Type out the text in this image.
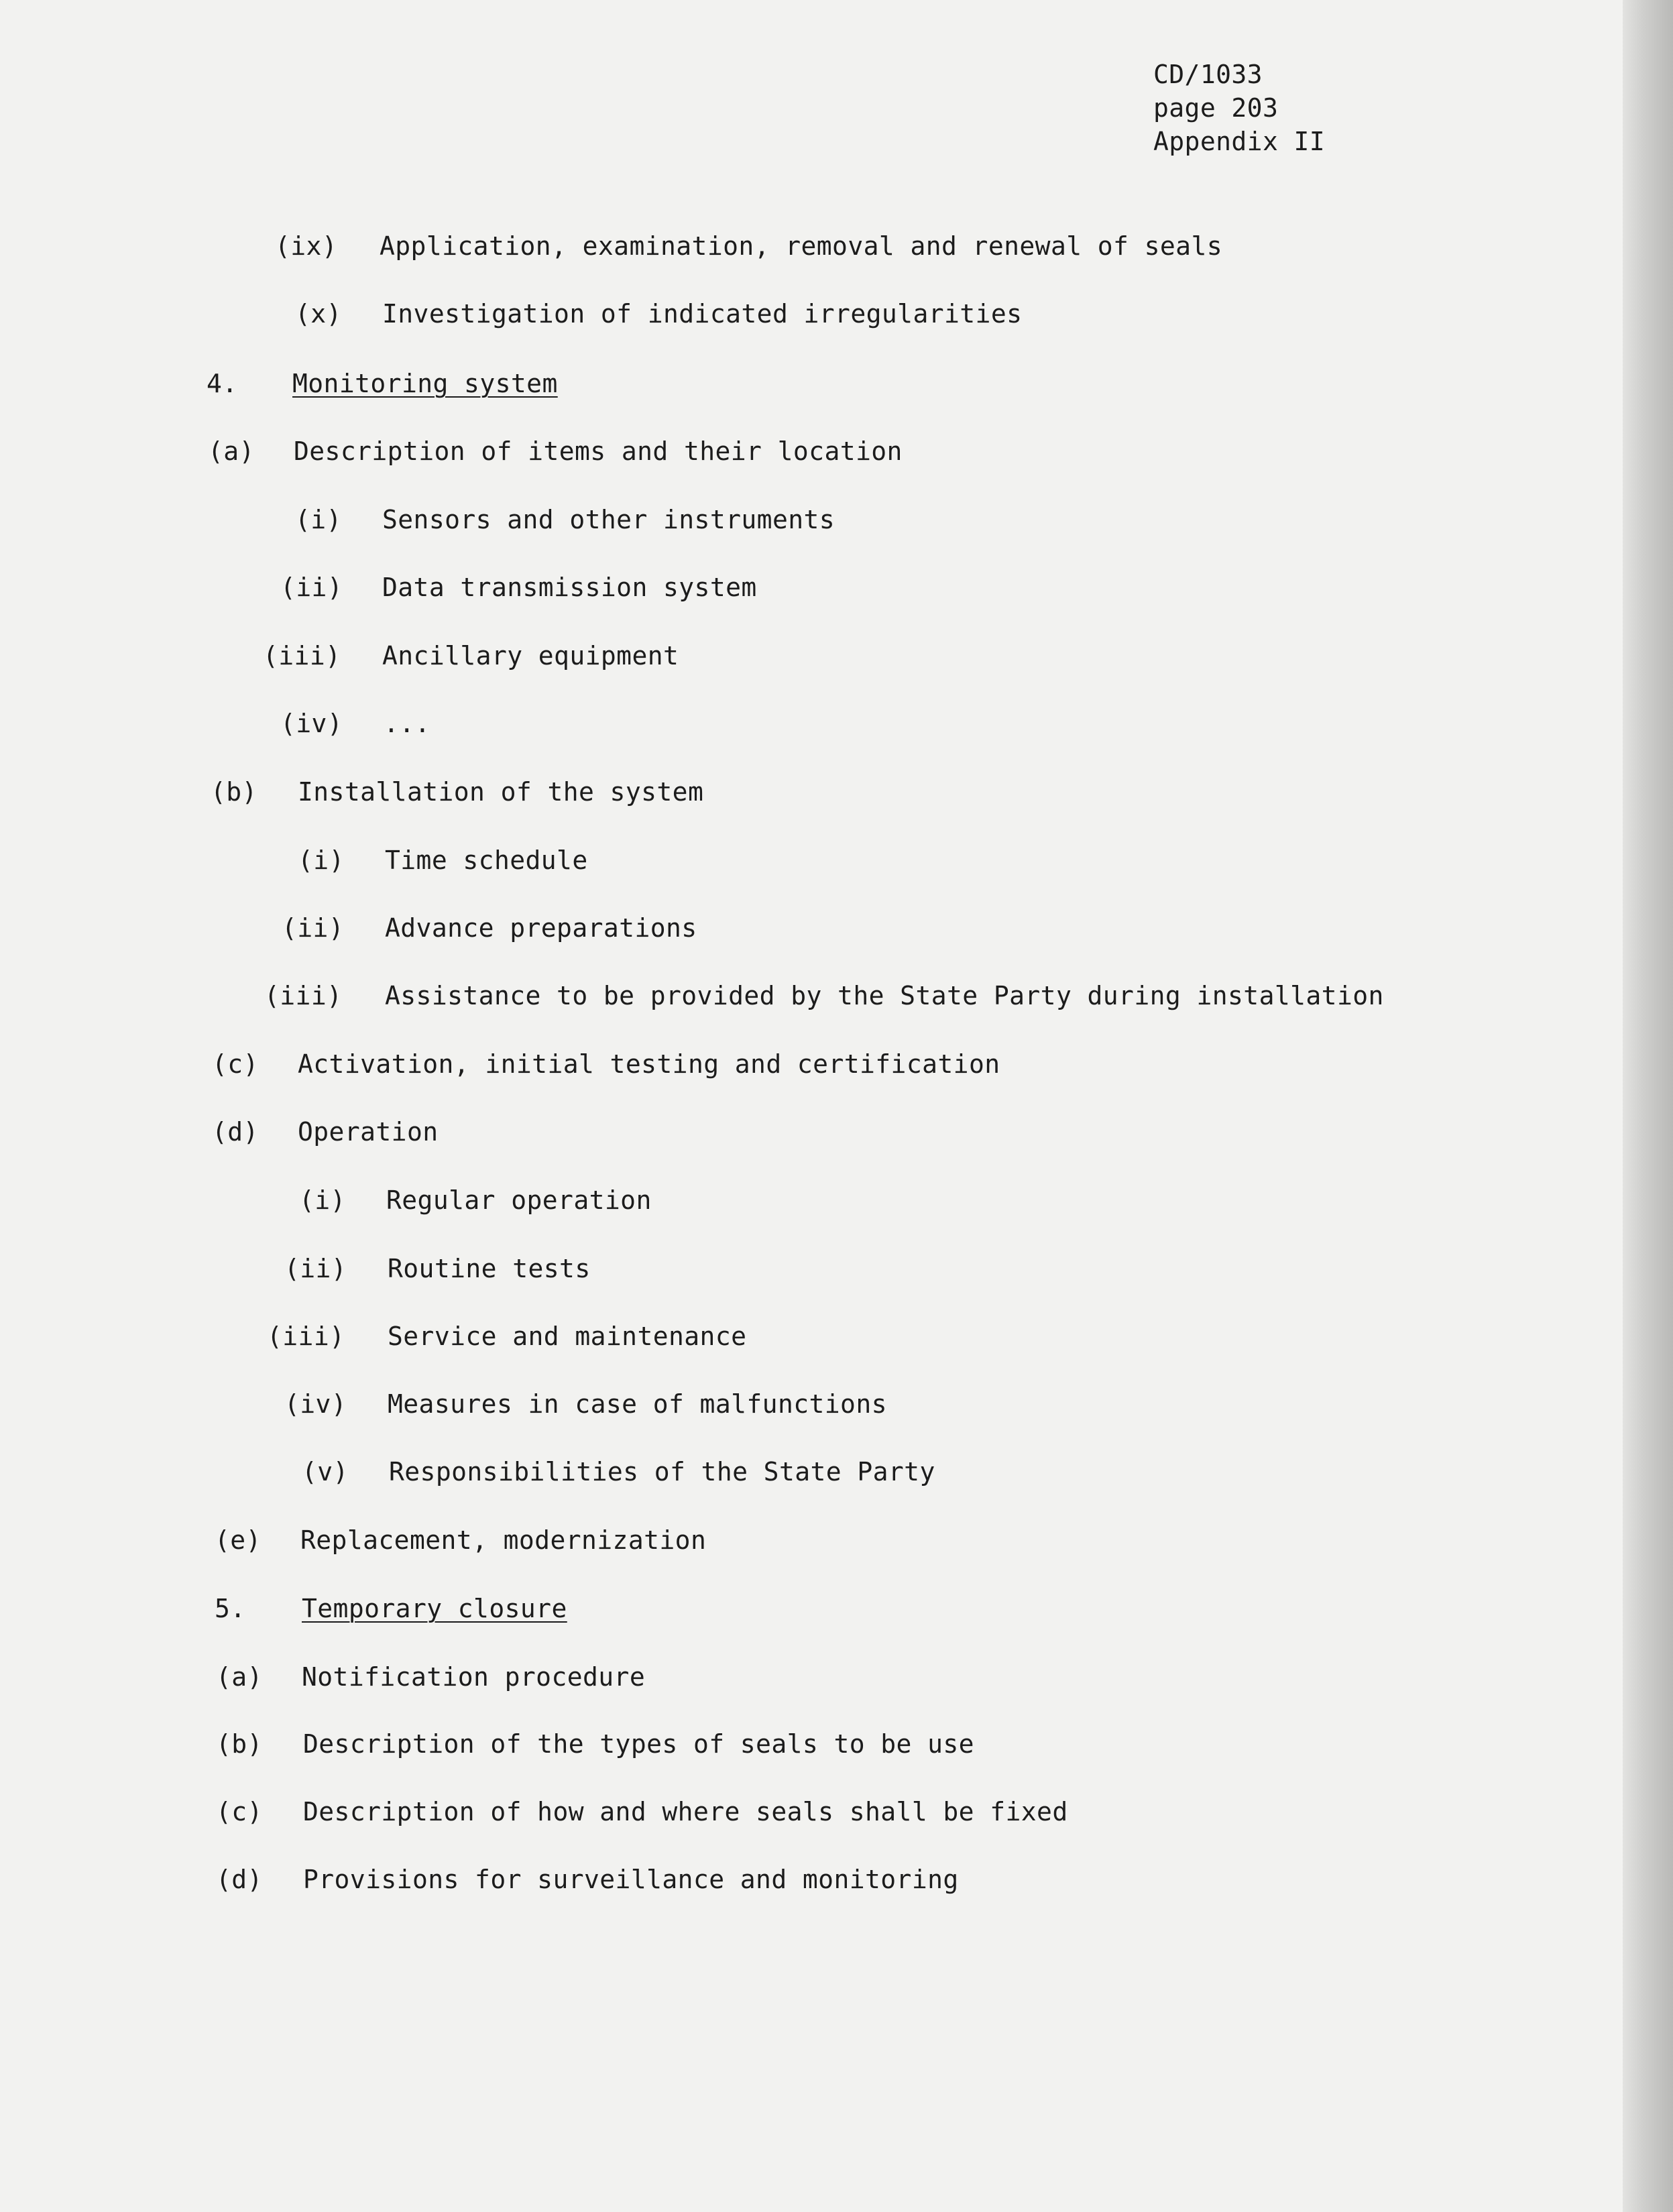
CD/1033
page 203
Appendix II
(ix) Application, examination, removal and renewal of seals
(x) Investigation of indicated irregularities
4. Monitoring system
(a) Description of items and their location
(i) Sensors and other instruments
(ii) Data transmission system
(iii) Ancillary equipment
(iv) ...
(b) Installation of the system
(i) Time schedule
(ii) Advance preparations
(iii) Assistance to be provided by the State Party during installation
(c) Activation, initial testing and certification
(d) Operation
(i) Regular operation
(ii) Routine tests
(iii) Service and maintenance
(iv) Measures in case of malfunctions
(v) Responsibilities of the State Party
(e) Replacement, modernization
5. Temporary closure
(a) Notification procedure
(b) Description of the types of seals to be use
(c) Description of how and where seals shall be fixed
(d) Provisions for surveillance and monitoring
